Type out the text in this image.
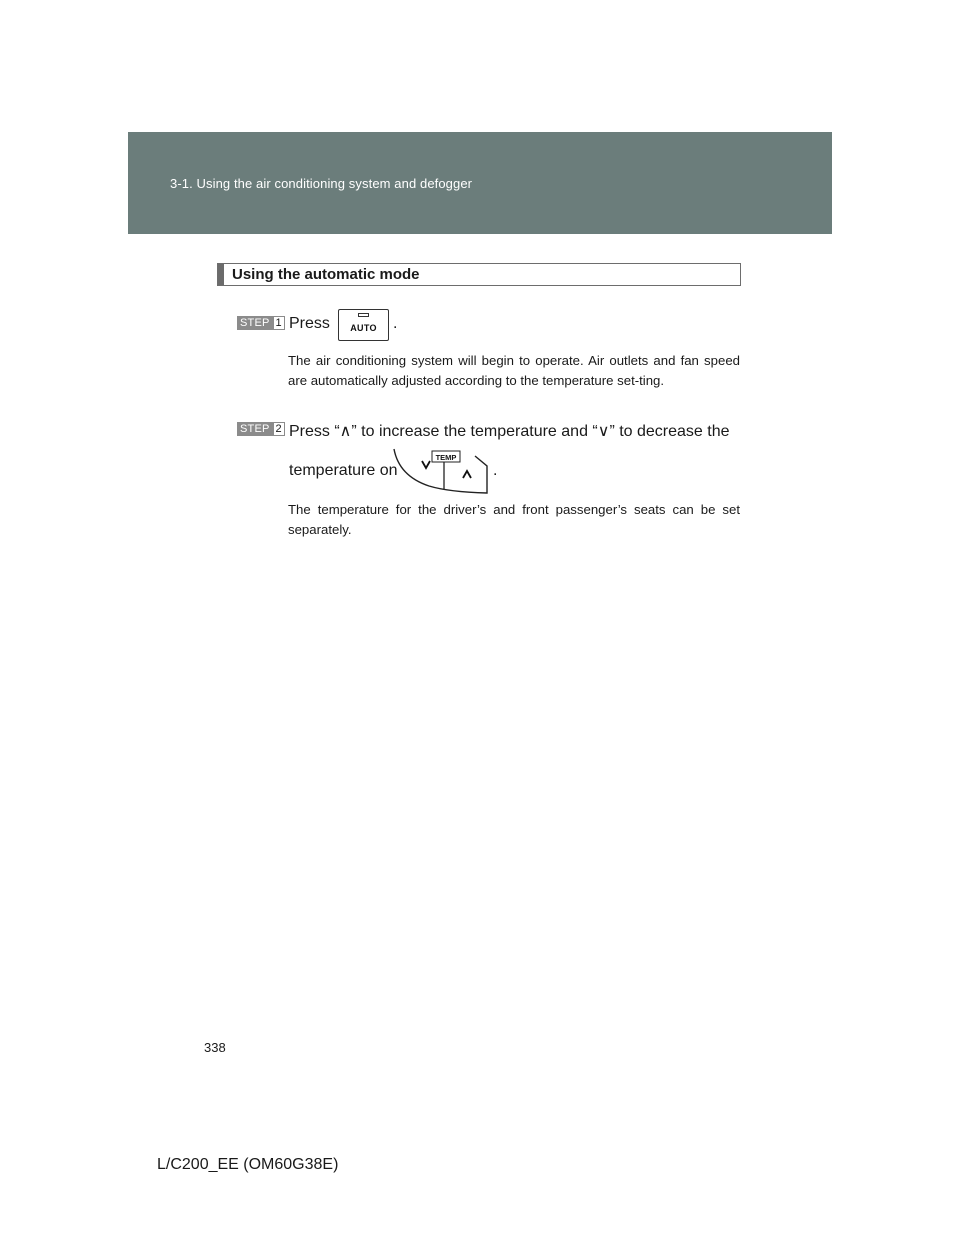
3-1. Using the air conditioning system and defogger
Using the automatic mode
STEP 1 Press	AUTO	.
The air conditioning system will begin to operate. Air outlets and fan speed are automatically adjusted according to the temperature set-ting.
STEP 2 Press “∧” to increase the temperature and “∨” to decrease the
temperature on
TEMP
.
The temperature for the driver’s and front passenger’s seats can be set separately.
338
L/C200_EE (OM60G38E)
